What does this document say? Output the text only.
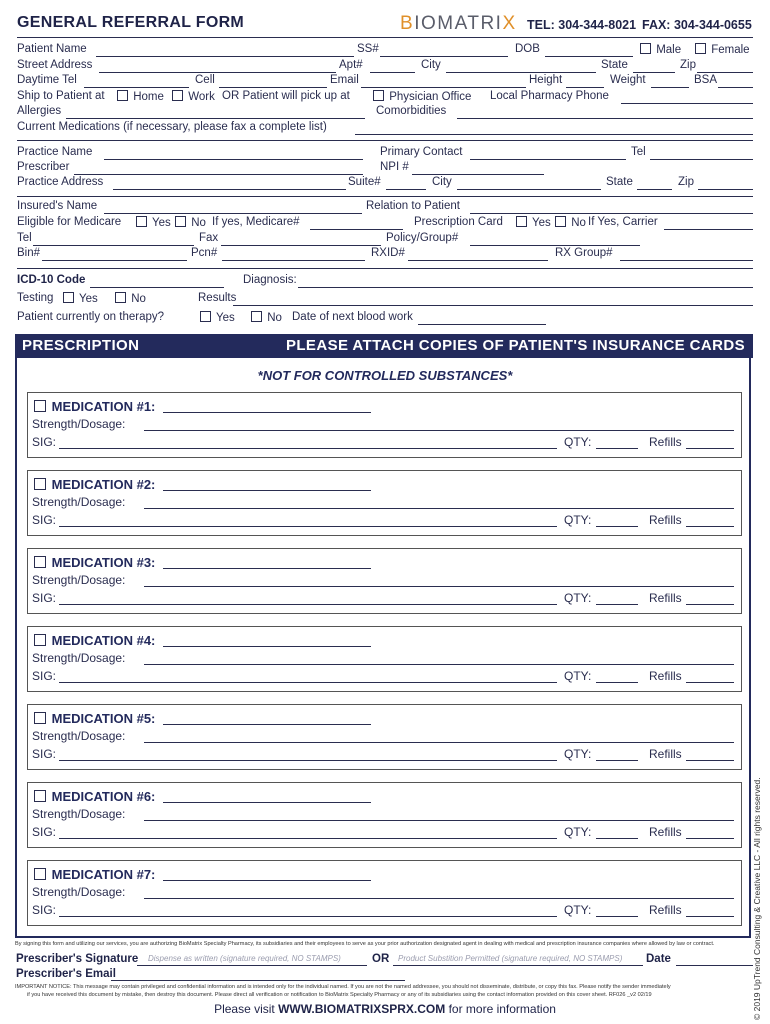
GENERAL REFERRAL FORM	BIOMATRIX TEL: 304-344-8021 FAX: 304-344-0655
Patient Name	SS#	DOB	Male	Female
Street Address	Apt#	City	State	Zip
Daytime Tel	Cell	Email	Height	Weight	BSA
Ship to Patient at	Home	Work OR Patient will pick up at	Physician Office Local Pharmacy Phone
Allergies	Comorbidities
Current Medications (if necessary, please fax a complete list)
Practice Name	Primary Contact	Tel
Prescriber	NPI #
Practice Address	Suite#	City	State	Zip
Insured's Name	Relation to Patient
Eligible for Medicare	Yes	No If yes, Medicare#	Prescription Card	Yes	No If Yes, Carrier
Tel	Fax	Policy/Group#
Bin#	Pcn#	RXID#	RX Group#
ICD-10 Code	Diagnosis:
Testing	Yes	No	Results
Patient currently on therapy?	Yes	No Date of next blood work
PRESCRIPTION	PLEASE ATTACH COPIES OF PATIENT'S INSURANCE CARDS
*NOT FOR CONTROLLED SUBSTANCES*
MEDICATION #1:
Strength/Dosage:
SIG:	QTY:	Refills
MEDICATION #2:
Strength/Dosage:
SIG:	QTY:	Refills
MEDICATION #3:
Strength/Dosage:
SIG:	QTY:	Refills
MEDICATION #4:
Strength/Dosage:
SIG:	QTY:	Refills
MEDICATION #5:
Strength/Dosage:
SIG:	QTY:	Refills
MEDICATION #6:
Strength/Dosage:
SIG:	QTY:	Refills
MEDICATION #7:
Strength/Dosage:
SIG:	QTY:	Refills
By signing this form and utilizing our services, you are authorizing BioMatrix Specialty Pharmacy, its subsidiaries and their employees to serve as your prior authorization designated agent in dealing with medical and prescription insurance companies where allowed by law or contract.
Prescriber's Signature Dispense as written (signature required, NO STAMPS)	OR Product Substition Permitted (signature required, NO STAMPS) Date
Prescriber's Email
IMPORTANT NOTICE: This message may contain privileged and confidential information and is intended only for the individual named. If you are not the named addressee, you should not disseminate, distribute, or copy this fax. Please notify the sender immediately
if you have received this document by mistake, then destroy this document. Please direct all verification or notification to BioMatrix Specialty Pharmacy or any of its subsidiaries using the contact information provided on this cover sheet. RF026 _v2 02/19
Please visit WWW.BIOMATRIXSPRX.COM for more information	© 2019 UpTrend Consulting & Creative LLC - All rights reserved.
